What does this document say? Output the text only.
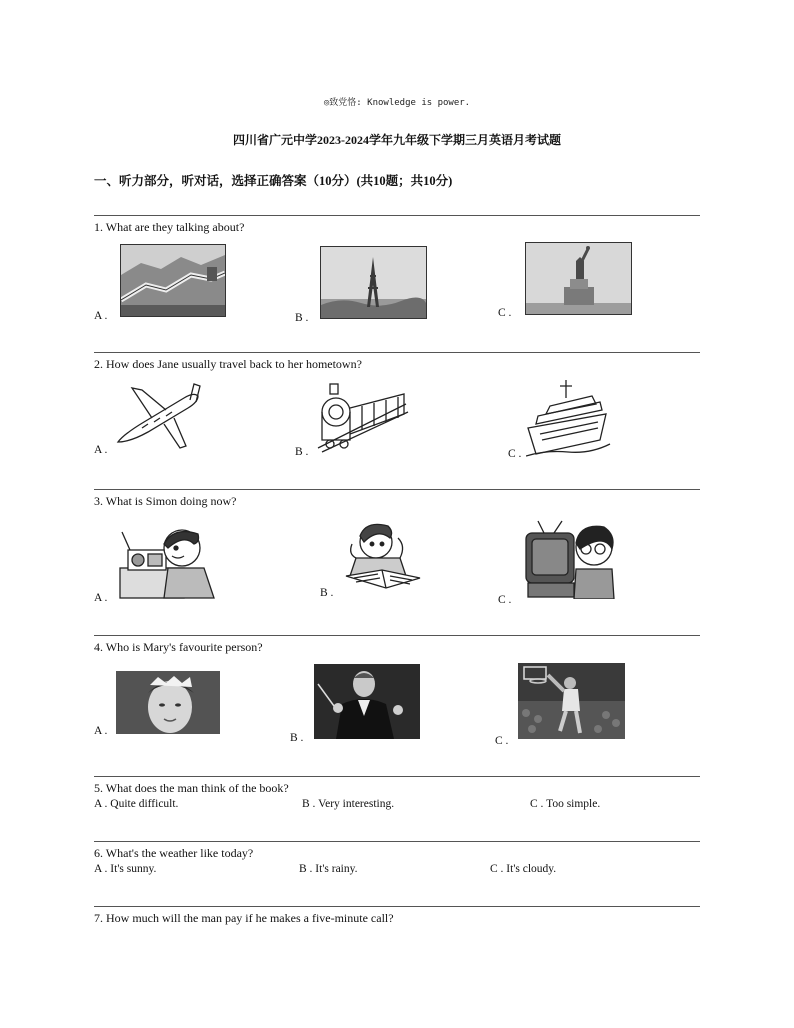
◎致党恪: Knowledge is power.
四川省广元中学2023-2024学年九年级下学期三月英语月考试题
一、听力部分，听对话，选择正确答案（10分）(共10题；共10分)
1. What are they talking about?
A .	B .	C .
2. How does Jane usually travel back to her hometown?
A .	B .	C .
3. What is Simon doing now?
A .	B .
C .
4. Who is Mary's favourite person?
A .
B .	C .
5. What does the man think of the book?
A . Quite difficult.	B . Very interesting.	C . Too simple.
6. What's the weather like today?
A . It's sunny.	B . It's rainy.	C . It's cloudy.
7. How much will the man pay if he makes a five-minute call?
